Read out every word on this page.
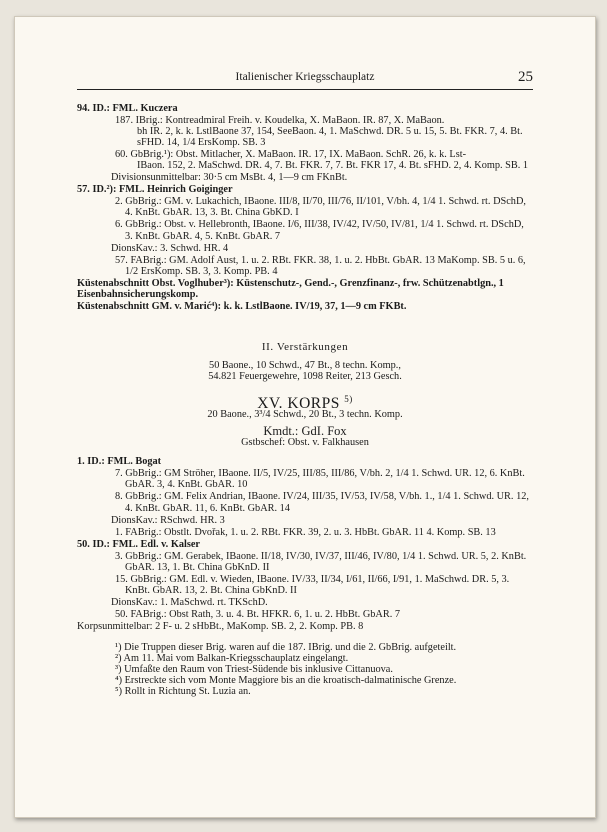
Italienischer Kriegsschauplatz	25
94. ID.: FML. Kuczera
187. IBrig.: Kontreadmiral Freih. v. Koudelka, X. MaBaon. IR. 87, X. MaBaon.
bh IR. 2, k. k. LstlBaone 37, 154, SeeBaon. 4, 1. MaSchwd. DR. 5 u. 15, 5. Bt. FKR. 7, 4. Bt. sFHD. 14, 1/4 ErsKomp. SB. 3
60. GbBrig.¹): Obst. Mitlacher, X. MaBaon. IR. 17, IX. MaBaon. SchR. 26, k. k. Lst-
IBaon. 152, 2. MaSchwd. DR. 4, 7. Bt. FKR. 7, 7. Bt. FKR 17, 4. Bt. sFHD. 2, 4. Komp. SB. 1
Divisionsunmittelbar: 30·5 cm MsBt. 4, 1—9 cm FKnBt.
57. ID.²): FML. Heinrich Goiginger
2. GbBrig.: GM. v. Lukachich, IBaone. III/8, II/70, III/76, II/101, V/bh. 4, 1/4 1. Schwd. rt. DSchD, 4. KnBt. GbAR. 13, 3. Bt. China GbKD. I
6. GbBrig.: Obst. v. Hellebronth, IBaone. I/6, III/38, IV/42, IV/50, IV/81, 1/4 1. Schwd. rt. DSchD, 3. KnBt. GbAR. 4, 5. KnBt. GbAR. 7
DionsKav.: 3. Schwd. HR. 4
57. FABrig.: GM. Adolf Aust, 1. u. 2. RBt. FKR. 38, 1. u. 2. HbBt. GbAR. 13 MaKomp. SB. 5 u. 6, 1/2 ErsKomp. SB. 3, 3. Komp. PB. 4
Küstenabschnitt Obst. Voglhuber³): Küstenschutz-, Gend.-, Grenzfinanz-, frw. Schützenabtlgn., 1 Eisenbahnsicherungskomp.
Küstenabschnitt GM. v. Marić⁴): k. k. LstlBaone. IV/19, 37, 1—9 cm FKBt.
II. Verstärkungen
50 Baone., 10 Schwd., 47 Bt., 8 techn. Komp.,
54.821 Feuergewehre, 1098 Reiter, 213 Gesch.
XV. KORPS $^{5)}$
20 Baone., 3³/4 Schwd., 20 Bt., 3 techn. Komp.
Kmdt.: GdI. Fox
Gstbschef: Obst. v. Falkhausen
1. ID.: FML. Bogat
7. GbBrig.: GM Ströher, IBaone. II/5, IV/25, III/85, III/86, V/bh. 2, 1/4 1. Schwd. UR. 12, 6. KnBt. GbAR. 3, 4. KnBt. GbAR. 10
8. GbBrig.: GM. Felix Andrian, IBaone. IV/24, III/35, IV/53, IV/58, V/bh. 1., 1/4 1. Schwd. UR. 12, 4. KnBt. GbAR. 11, 6. KnBt. GbAR. 14
DionsKav.: RSchwd. HR. 3
1. FABrig.: Obstlt. Dvořak, 1. u. 2. RBt. FKR. 39, 2. u. 3. HbBt. GbAR. 11 4. Komp. SB. 13
50. ID.: FML. Edl. v. Kalser
3. GbBrig.: GM. Gerabek, IBaone. II/18, IV/30, IV/37, III/46, IV/80, 1/4 1. Schwd. UR. 5, 2. KnBt. GbAR. 13, 1. Bt. China GbKnD. II
15. GbBrig.: GM. Edl. v. Wieden, IBaone. IV/33, II/34, I/61, II/66, I/91, 1. MaSchwd. DR. 5, 3. KnBt. GbAR. 13, 2. Bt. China GbKnD. II
DionsKav.: 1. MaSchwd. rt. TKSchD.
50. FABrig.: Obst Rath, 3. u. 4. Bt. HFKR. 6, 1. u. 2. HbBt. GbAR. 7
Korpsunmittelbar: 2 F- u. 2 sHbBt., MaKomp. SB. 2, 2. Komp. PB. 8
¹) Die Truppen dieser Brig. waren auf die 187. IBrig. und die 2. GbBrig. aufgeteilt.
²) Am 11. Mai vom Balkan-Kriegsschauplatz eingelangt.
³) Umfaßte den Raum von Triest-Südende bis inklusive Cittanuova.
⁴) Erstreckte sich vom Monte Maggiore bis an die kroatisch-dalmatinische Grenze.
⁵) Rollt in Richtung St. Luzia an.
